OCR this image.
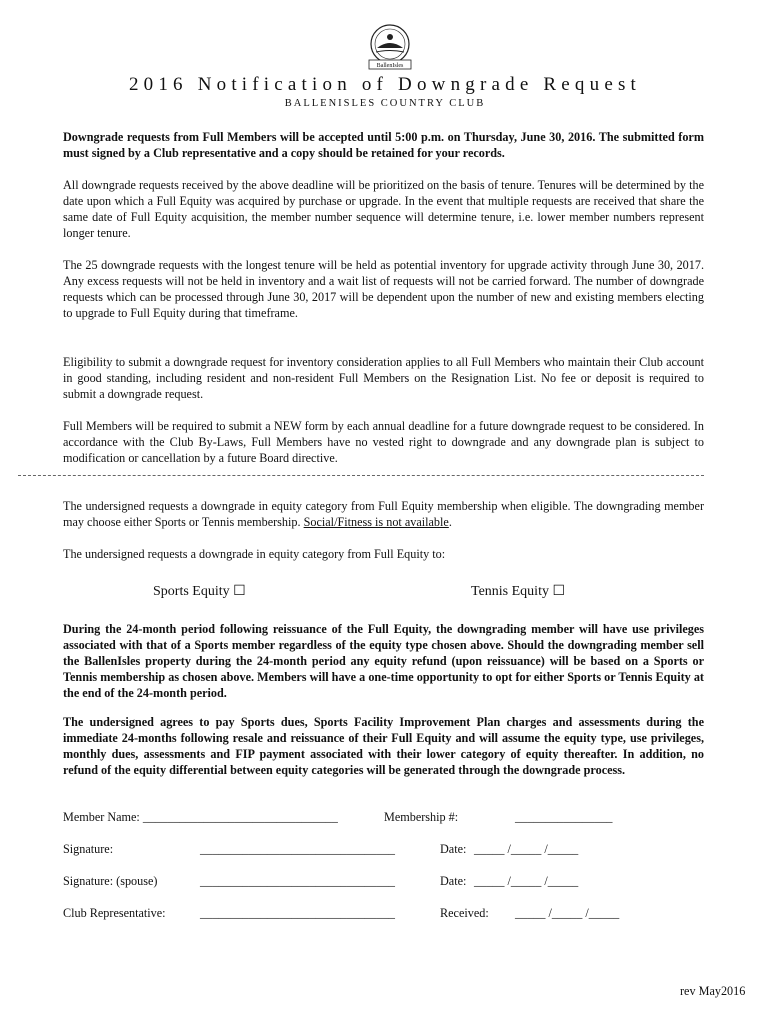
BallenIsles
2016 Notification of Downgrade Request
BALLENISLES COUNTRY CLUB
Downgrade requests from Full Members will be accepted until 5:00 p.m. on Thursday, June 30, 2016. The submitted form must signed by a Club representative and a copy should be retained for your records.
All downgrade requests received by the above deadline will be prioritized on the basis of tenure. Tenures will be determined by the date upon which a Full Equity was acquired by purchase or upgrade. In the event that multiple requests are received that share the same date of Full Equity acquisition, the member number sequence will determine tenure, i.e. lower member numbers represent longer tenure.
The 25 downgrade requests with the longest tenure will be held as potential inventory for upgrade activity through June 30, 2017. Any excess requests will not be held in inventory and a wait list of requests will not be carried forward. The number of downgrade requests which can be processed through June 30, 2017 will be dependent upon the number of new and existing members electing to upgrade to Full Equity during that timeframe.
Eligibility to submit a downgrade request for inventory consideration applies to all Full Members who maintain their Club account in good standing, including resident and non-resident Full Members on the Resignation List. No fee or deposit is required to submit a downgrade request.
Full Members will be required to submit a NEW form by each annual deadline for a future downgrade request to be considered. In accordance with the Club By-Laws, Full Members have no vested right to downgrade and any downgrade plan is subject to modification or cancellation by a future Board directive.
The undersigned requests a downgrade in equity category from Full Equity membership when eligible. The downgrading member may choose either Sports or Tennis membership. Social/Fitness is not available.
The undersigned requests a downgrade in equity category from Full Equity to:
Sports Equity ☐	Tennis Equity ☐
During the 24-month period following reissuance of the Full Equity, the downgrading member will have use privileges associated with that of a Sports member regardless of the equity type chosen above. Should the downgrading member sell the BallenIsles property during the 24-month period any equity refund (upon reissuance) will be based on a Sports or Tennis membership as chosen above. Members will have a one-time opportunity to opt for either Sports or Tennis Equity at the end of the 24-month period.
The undersigned agrees to pay Sports dues, Sports Facility Improvement Plan charges and assessments during the immediate 24-months following resale and reissuance of their Full Equity and will assume the equity type, use privileges, monthly dues, assessments and FIP payment associated with their lower category of equity thereafter. In addition, no refund of the equity differential between equity categories will be generated through the downgrade process.
Member Name: ________________________________	Membership #:	________________
Signature:	________________________________	Date: _____ /_____ /_____
Signature: (spouse)	________________________________	Date: _____ /_____ /_____
Club Representative:	________________________________	Received: _____ /_____ /_____
rev May2016
